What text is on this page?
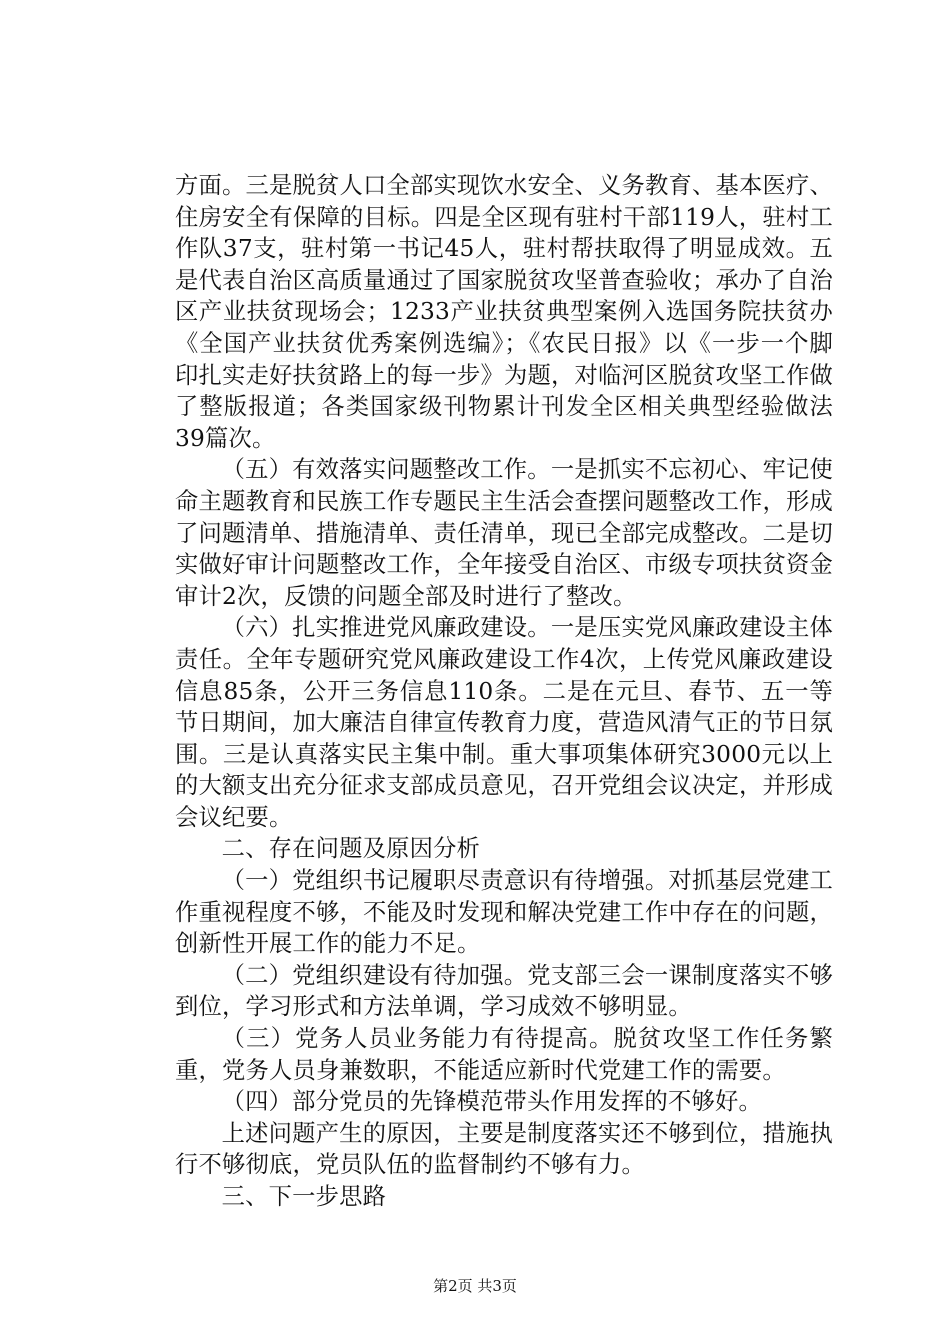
方面。三是脱贫人口全部实现饮水安全、义务教育、基本医疗、住房安全有保障的目标。四是全区现有驻村干部119人，驻村工作队37支，驻村第一书记45人，驻村帮扶取得了明显成效。五是代表自治区高质量通过了国家脱贫攻坚普查验收；承办了自治区产业扶贫现场会；1233产业扶贫典型案例入选国务院扶贫办《全国产业扶贫优秀案例选编》；《农民日报》以《一步一个脚印扎实走好扶贫路上的每一步》为题，对临河区脱贫攻坚工作做了整版报道；各类国家级刊物累计刊发全区相关典型经验做法39篇次。

（五）有效落实问题整改工作。一是抓实不忘初心、牢记使命主题教育和民族工作专题民主生活会查摆问题整改工作，形成了问题清单、措施清单、责任清单，现已全部完成整改。二是切实做好审计问题整改工作，全年接受自治区、市级专项扶贫资金审计2次，反馈的问题全部及时进行了整改。

（六）扎实推进党风廉政建设。一是压实党风廉政建设主体责任。全年专题研究党风廉政建设工作4次，上传党风廉政建设信息85条，公开三务信息110条。二是在元旦、春节、五一等节日期间，加大廉洁自律宣传教育力度，营造风清气正的节日氛围。三是认真落实民主集中制。重大事项集体研究3000元以上的大额支出充分征求支部成员意见，召开党组会议决定，并形成会议纪要。

二、存在问题及原因分析

（一）党组织书记履职尽责意识有待增强。对抓基层党建工作重视程度不够，不能及时发现和解决党建工作中存在的问题，创新性开展工作的能力不足。

（二）党组织建设有待加强。党支部三会一课制度落实不够到位，学习形式和方法单调，学习成效不够明显。

（三）党务人员业务能力有待提高。脱贫攻坚工作任务繁重，党务人员身兼数职，不能适应新时代党建工作的需要。

（四）部分党员的先锋模范带头作用发挥的不够好。

上述问题产生的原因，主要是制度落实还不够到位，措施执行不够彻底，党员队伍的监督制约不够有力。

三、下一步思路

第2页 共3页
